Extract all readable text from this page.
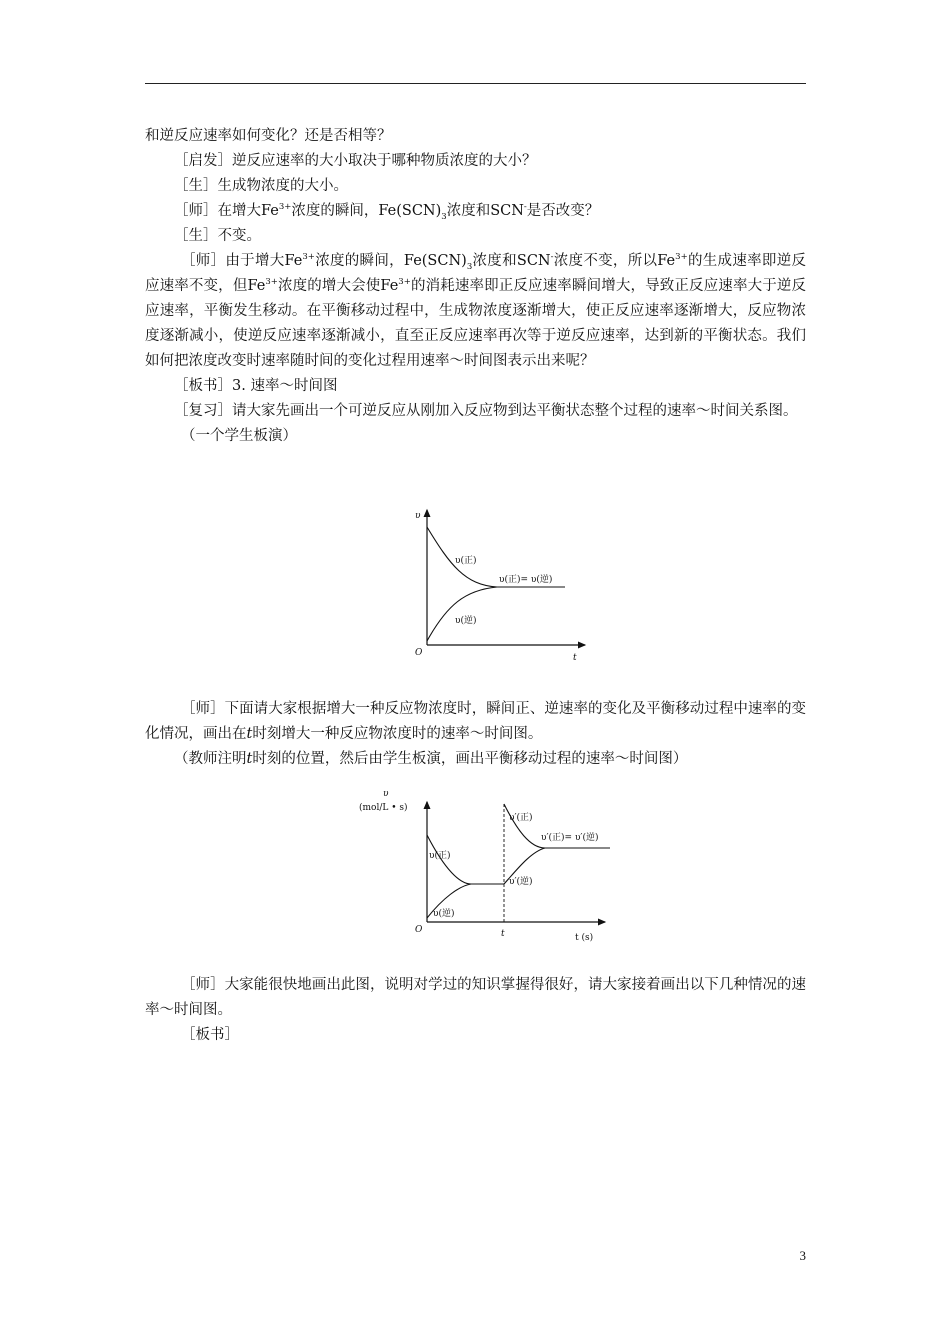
和逆反应速率如何变化？还是否相等？

［启发］逆反应速率的大小取决于哪种物质浓度的大小？

［生］生成物浓度的大小。

［师］在增大$Fe^{3+}$浓度的瞬间，$Fe(SCN)_3$浓度和SCN-是否改变？

［生］不变。

［师］由于增大$Fe^{3+}$浓度的瞬间，$Fe(SCN)_3$浓度和SCN-浓度不变，所以$Fe^{3+}$的生成速率即逆反应速率不变，但$Fe^{3+}$浓度的增大会使$Fe^{3+}$的消耗速率即正反应速率瞬间增大，导致正反应速率大于逆反应速率，平衡发生移动。在平衡移动过程中，生成物浓度逐渐增大，使正反应速率逐渐增大，反应物浓度逐渐减小，使逆反应速率逐渐减小，直至正反应速率再次等于逆反应速率，达到新的平衡状态。我们如何把浓度改变时速率随时间的变化过程用速率～时间图表示出来呢？

［板书］3. 速率～时间图

［复习］请大家先画出一个可逆反应从刚加入反应物到达平衡状态整个过程的速率～时间关系图。

（一个学生板演）

υ
t
O
υ(正)
υ(逆)
υ(正)= υ(逆)

［师］下面请大家根据增大一种反应物浓度时，瞬间正、逆速率的变化及平衡移动过程中速率的变化情况，画出在t时刻增大一种反应物浓度时的速率～时间图。

（教师注明t时刻的位置，然后由学生板演，画出平衡移动过程的速率～时间图）

υ
(mol/L • s)
t (s)
t
O
υ(正)
υ(逆)
υ′(正)
υ′(逆)
υ′(正)= υ′(逆)

［师］大家能很快地画出此图，说明对学过的知识掌握得很好，请大家接着画出以下几种情况的速率～时间图。

［板书］

3
